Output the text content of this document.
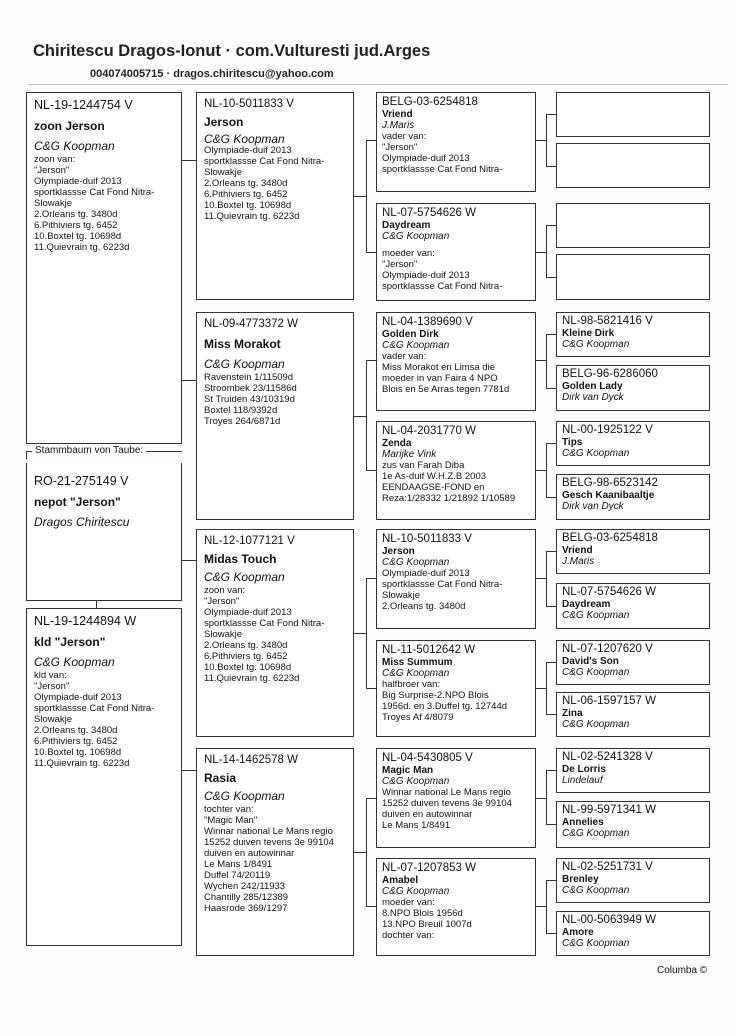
Chiritescu Dragos-Ionut · com.Vulturesti jud.Arges
004074005715 · dragos.chiritescu@yahoo.com
NL-19-1244754 V
zoon Jerson
C&G Koopman
zoon van:
"Jerson"
Olympiade-duif 2013
sportklassse Cat Fond Nitra-
Slowakje
2.Orleans tg. 3480d
6.Pithiviers tg. 6452
10.Boxtel tg. 10698d
11.Quievrain tg. 6223d
Stammbaum von Taube:
RO-21-275149 V
nepot "Jerson"
Dragos Chiritescu
NL-19-1244894 W
kld "Jerson"
C&G Koopman
kld van:
"Jerson"
Olympiade-duif 2013
sportklassse Cat Fond Nitra-
Slowakje
2.Orleans tg. 3480d
6.Pithiviers tg. 6452
10.Boxtel tg. 10698d
11.Quievrain tg. 6223d
NL-10-5011833 V
Jerson
C&G Koopman
Olympiade-duif 2013
sportklassse Cat Fond Nitra-
Slowakje
2.Orleans tg. 3480d
6.Pithiviers tg. 6452
10.Boxtel tg. 10698d
11.Quievrain tg. 6223d
NL-09-4773372 W
Miss Morakot
C&G Koopman
Ravenstein 1/11509d
Stroombek 23/11586d
St Truiden 43/10319d
Boxtel 118/9392d
Troyes 264/6871d
NL-12-1077121 V
Midas Touch
C&G Koopman
zoon van:
"Jerson"
Olympiade-duif 2013
sportklassse Cat Fond Nitra-
Slowakje
2.Orleans tg. 3480d
6.Pithiviers tg. 6452
10.Boxtel tg. 10698d
11.Quievrain tg. 6223d
NL-14-1462578 W
Rasia
C&G Koopman
tochter van:
"Magic Man"
Winnar national Le Mans regio
15252 duiven tevens 3e 99104
duiven en autowinnar
Le Mans 1/8491
Duffel 74/20119
Wychen 242/11933
Chantilly 285/12389
Haasrode 369/1297
BELG-03-6254818
Vriend
J.Maris
vader van:
"Jerson"
Olympiade-duif 2013
sportklassse Cat Fond Nitra-
NL-07-5754626 W
Daydream
C&G Koopman
moeder van:
"Jerson"
Olympiade-duif 2013
sportklassse Cat Fond Nitra-
NL-04-1389690 V
Golden Dirk
C&G Koopman
vader van:
Miss Morakot en Limsa die
moeder in van Faira 4 NPO
Blois en 5e Arras tegen 7781d
NL-04-2031770 W
Zenda
Marijke Vink
zus van Farah Diba
1e As-duif W.H.Z.B 2003
EENDAAGSE-FOND en
Reza:1/28332 1/21892 1/10589
NL-10-5011833 V
Jerson
C&G Koopman
Olympiade-duif 2013
sportklassse Cat Fond Nitra-
Slowakje
2.Orleans tg. 3480d
NL-11-5012642 W
Miss Summum
C&G Koopman
halfbroer van:
Big Surprise-2.NPO Blois
1956d. en 3.Duffel tg. 12744d
Troyes Af 4/8079
NL-04-5430805 V
Magic Man
C&G Koopman
Winnar national Le Mans regio
15252 duiven tevens 3e 99104
duiven en autowinnar
Le Mans 1/8491
NL-07-1207853 W
Amabel
C&G Koopman
moeder van:
8.NPO Blois 1956d
13.NPO Breuil 1007d
dochter van:
NL-98-5821416 V
Kleine Dirk
C&G Koopman
BELG-96-6286060
Golden Lady
Dirk van Dyck
NL-00-1925122 V
Tips
C&G Koopman
BELG-98-6523142
Gesch Kaanibaaltje
Dirk van Dyck
BELG-03-6254818
Vriend
J.Maris
NL-07-5754626 W
Daydream
C&G Koopman
NL-07-1207620 V
David's Son
C&G Koopman
NL-06-1597157 W
Zina
C&G Koopman
NL-02-5241328 V
De Lorris
Lindelauf
NL-99-5971341 W
Annelies
C&G Koopman
NL-02-5251731 V
Brenley
C&G Koopman
NL-00-5063949 W
Amore
C&G Koopman
Columba ©
